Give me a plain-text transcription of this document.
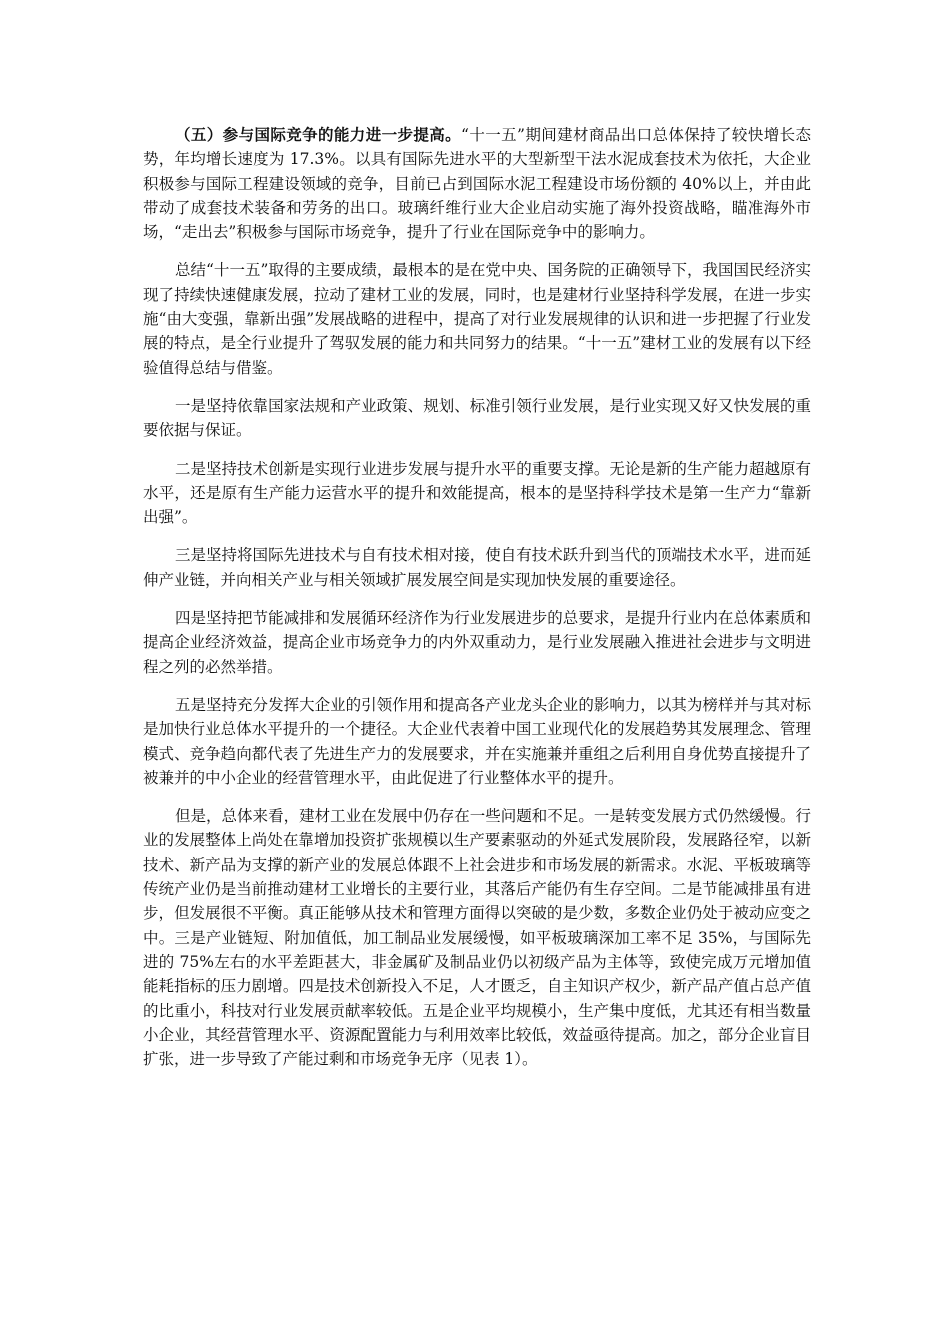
（五）参与国际竞争的能力进一步提高。“十一五”期间建材商品出口总体保持了较快增长态势，年均增长速度为 17.3%。以具有国际先进水平的大型新型干法水泥成套技术为依托，大企业积极参与国际工程建设领域的竞争，目前已占到国际水泥工程建设市场份额的 40%以上，并由此带动了成套技术装备和劳务的出口。玻璃纤维行业大企业启动实施了海外投资战略，瞄准海外市场，“走出去”积极参与国际市场竞争，提升了行业在国际竞争中的影响力。

总结“十一五”取得的主要成绩，最根本的是在党中央、国务院的正确领导下，我国国民经济实现了持续快速健康发展，拉动了建材工业的发展，同时，也是建材行业坚持科学发展，在进一步实施“由大变强，靠新出强”发展战略的进程中，提高了对行业发展规律的认识和进一步把握了行业发展的特点，是全行业提升了驾驭发展的能力和共同努力的结果。“十一五”建材工业的发展有以下经验值得总结与借鉴。

一是坚持依靠国家法规和产业政策、规划、标准引领行业发展，是行业实现又好又快发展的重要依据与保证。

二是坚持技术创新是实现行业进步发展与提升水平的重要支撑。无论是新的生产能力超越原有水平，还是原有生产能力运营水平的提升和效能提高，根本的是坚持科学技术是第一生产力“靠新出强”。

三是坚持将国际先进技术与自有技术相对接，使自有技术跃升到当代的顶端技术水平，进而延伸产业链，并向相关产业与相关领域扩展发展空间是实现加快发展的重要途径。

四是坚持把节能减排和发展循环经济作为行业发展进步的总要求，是提升行业内在总体素质和提高企业经济效益，提高企业市场竞争力的内外双重动力，是行业发展融入推进社会进步与文明进程之列的必然举措。

五是坚持充分发挥大企业的引领作用和提高各产业龙头企业的影响力，以其为榜样并与其对标是加快行业总体水平提升的一个捷径。大企业代表着中国工业现代化的发展趋势其发展理念、管理模式、竞争趋向都代表了先进生产力的发展要求，并在实施兼并重组之后利用自身优势直接提升了被兼并的中小企业的经营管理水平，由此促进了行业整体水平的提升。

但是，总体来看，建材工业在发展中仍存在一些问题和不足。一是转变发展方式仍然缓慢。行业的发展整体上尚处在靠增加投资扩张规模以生产要素驱动的外延式发展阶段，发展路径窄，以新技术、新产品为支撑的新产业的发展总体跟不上社会进步和市场发展的新需求。水泥、平板玻璃等传统产业仍是当前推动建材工业增长的主要行业，其落后产能仍有生存空间。二是节能减排虽有进步，但发展很不平衡。真正能够从技术和管理方面得以突破的是少数，多数企业仍处于被动应变之中。三是产业链短、附加值低，加工制品业发展缓慢，如平板玻璃深加工率不足 35%，与国际先进的 75%左右的水平差距甚大，非金属矿及制品业仍以初级产品为主体等，致使完成万元增加值能耗指标的压力剧增。四是技术创新投入不足，人才匮乏，自主知识产权少，新产品产值占总产值的比重小，科技对行业发展贡献率较低。五是企业平均规模小，生产集中度低，尤其还有相当数量小企业，其经营管理水平、资源配置能力与利用效率比较低，效益亟待提高。加之，部分企业盲目扩张，进一步导致了产能过剩和市场竞争无序（见表 1）。
